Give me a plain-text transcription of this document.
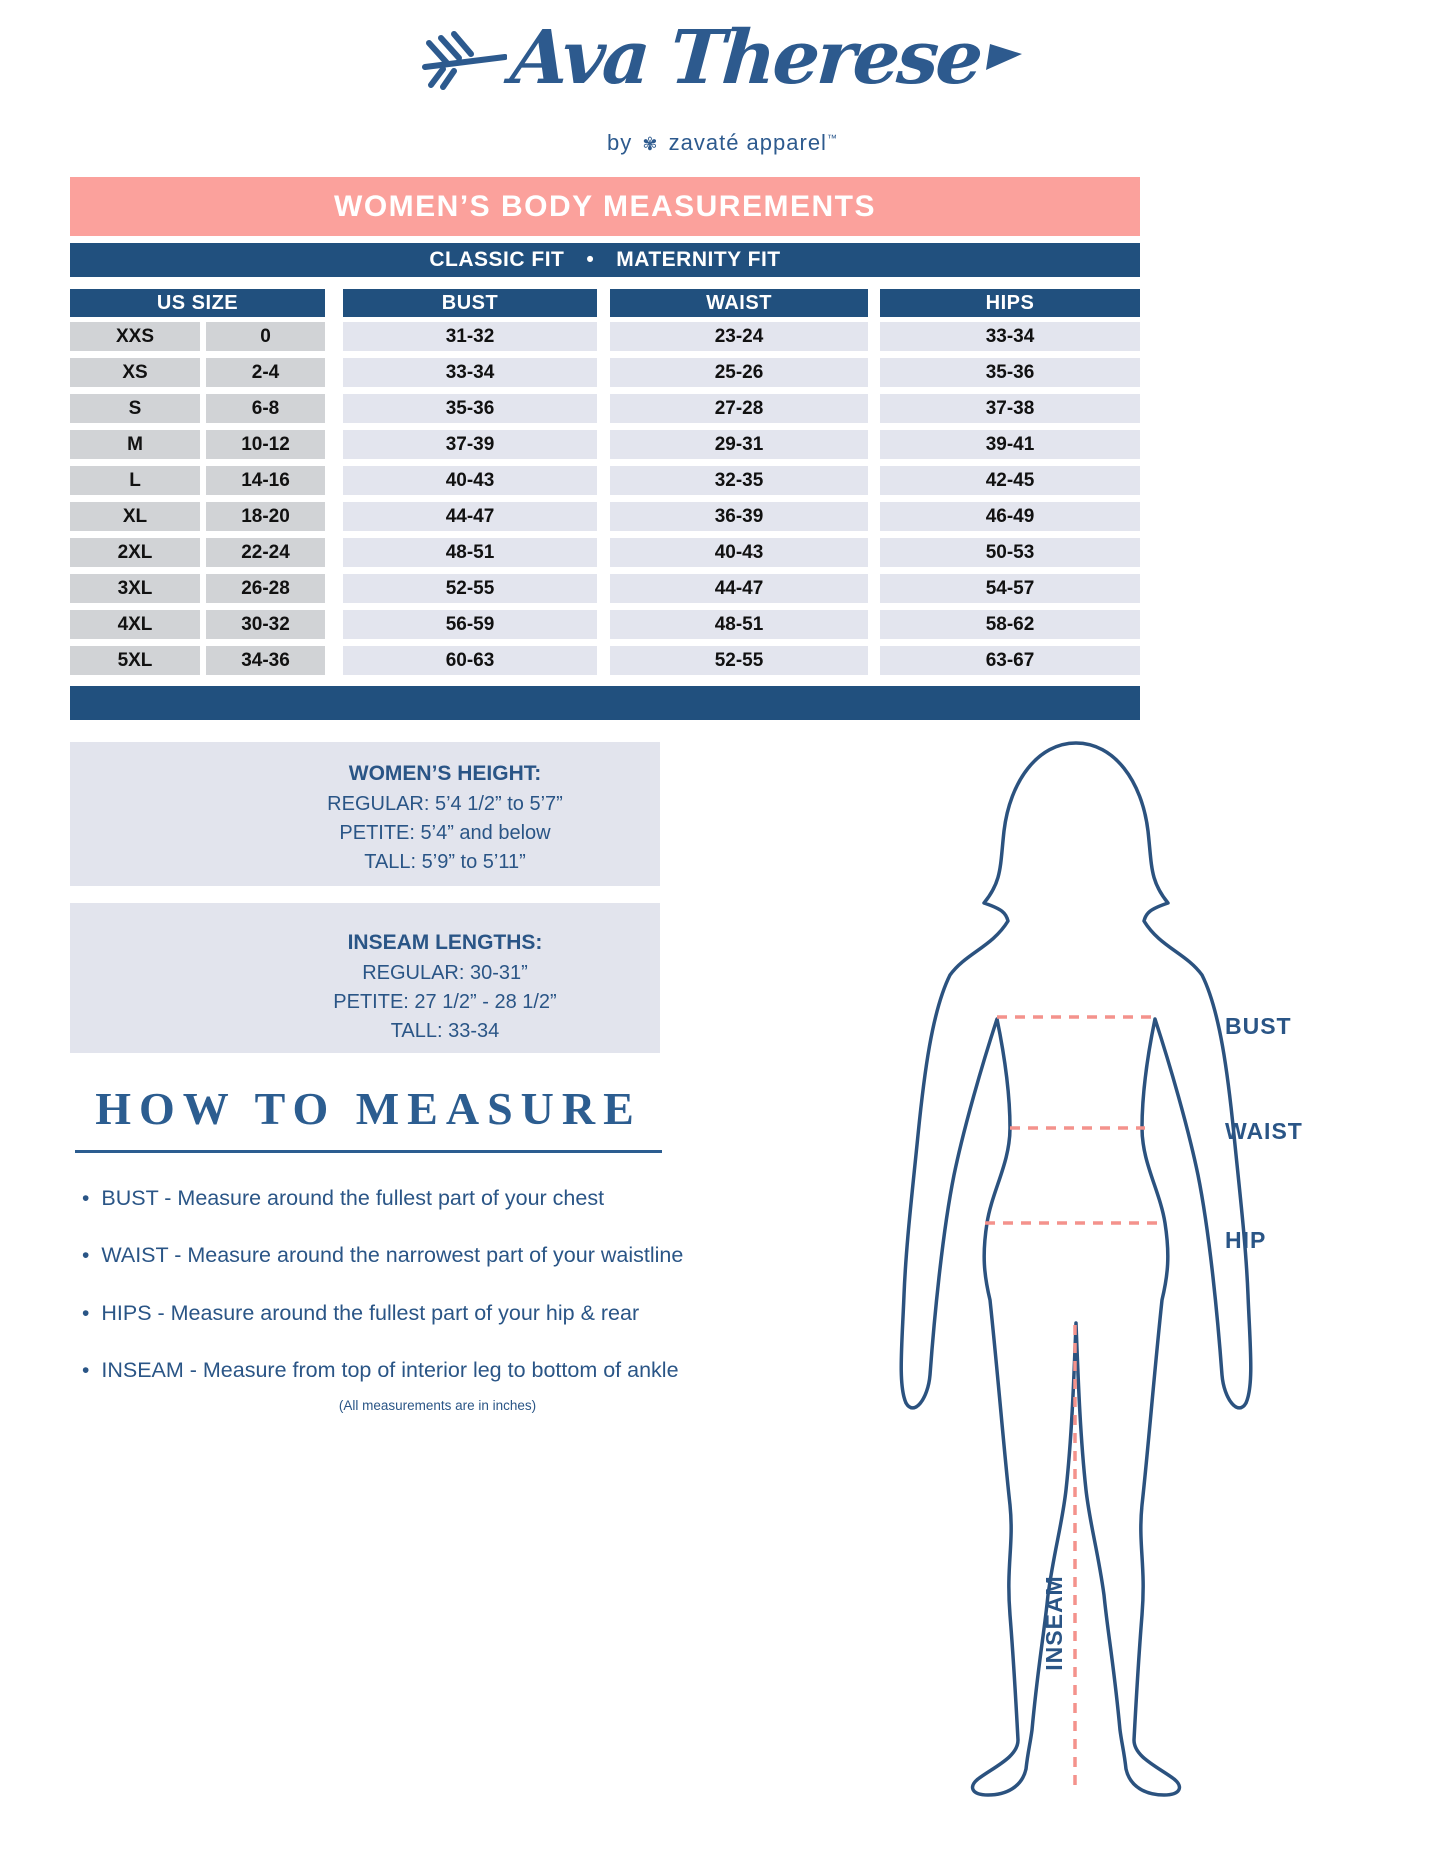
Ava Therese
by ✾ zavaté apparel™
WOMEN’S BODY MEASUREMENTS
CLASSIC FIT • MATERNITY FIT
US SIZE	BUST	WAIST	HIPS
XXS	0	31-32	23-24	33-34
XS	2-4	33-34	25-26	35-36
S	6-8	35-36	27-28	37-38
M	10-12	37-39	29-31	39-41
L	14-16	40-43	32-35	42-45
XL	18-20	44-47	36-39	46-49
2XL	22-24	48-51	40-43	50-53
3XL	26-28	52-55	44-47	54-57
4XL	30-32	56-59	48-51	58-62
5XL	34-36	60-63	52-55	63-67
WOMEN’S HEIGHT:
REGULAR: 5’4 1/2” to 5’7”
PETITE: 5’4” and below
TALL: 5’9” to 5’11”
INSEAM LENGTHS:
REGULAR: 30-31”
PETITE: 27 1/2” - 28 1/2”
TALL: 33-34
HOW TO MEASURE
• BUST - Measure around the fullest part of your chest
• WAIST - Measure around the narrowest part of your waistline
• HIPS - Measure around the fullest part of your hip & rear
• INSEAM - Measure from top of interior leg to bottom of ankle
(All measurements are in inches)
BUST
WAIST
HIP
INSEAM
